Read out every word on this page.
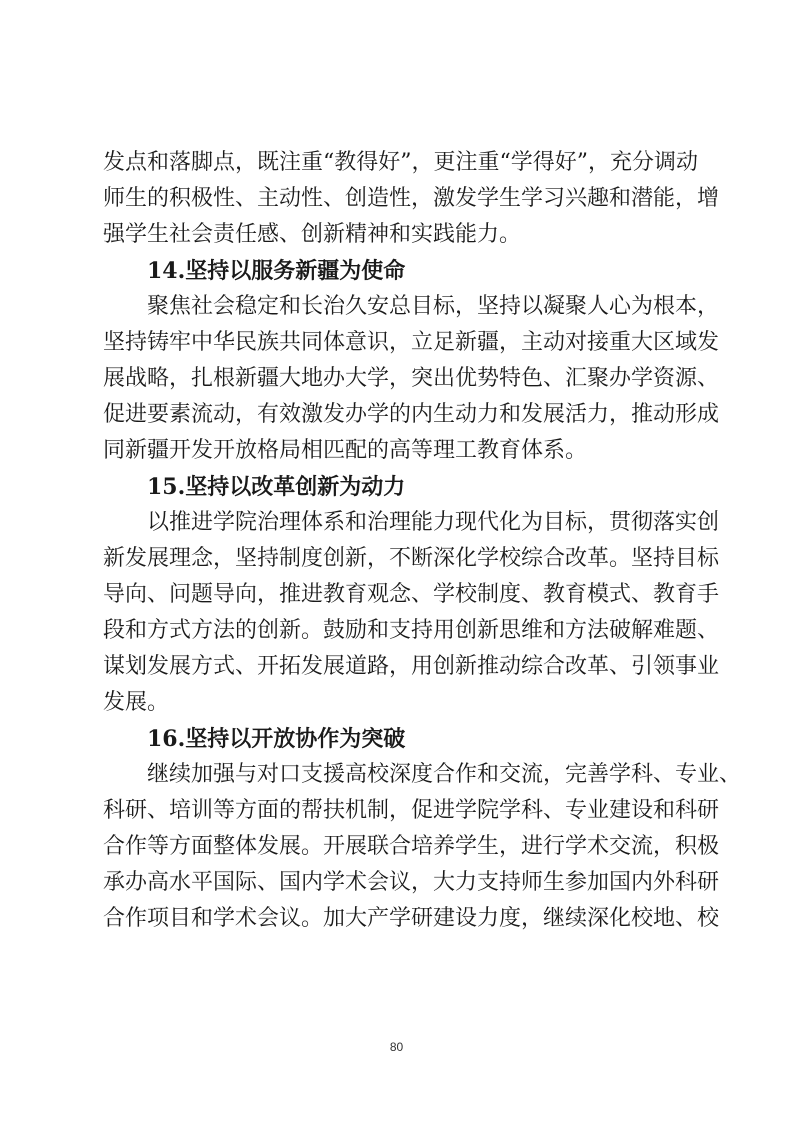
发点和落脚点，既注重“教得好”，更注重“学得好”，充分调动
师生的积极性、主动性、创造性，激发学生学习兴趣和潜能，增
强学生社会责任感、创新精神和实践能力。
14.坚持以服务新疆为使命
聚焦社会稳定和长治久安总目标，坚持以凝聚人心为根本，
坚持铸牢中华民族共同体意识，立足新疆，主动对接重大区域发
展战略，扎根新疆大地办大学，突出优势特色、汇聚办学资源、
促进要素流动，有效激发办学的内生动力和发展活力，推动形成
同新疆开发开放格局相匹配的高等理工教育体系。
15.坚持以改革创新为动力
以推进学院治理体系和治理能力现代化为目标，贯彻落实创
新发展理念，坚持制度创新，不断深化学校综合改革。坚持目标
导向、问题导向，推进教育观念、学校制度、教育模式、教育手
段和方式方法的创新。鼓励和支持用创新思维和方法破解难题、
谋划发展方式、开拓发展道路，用创新推动综合改革、引领事业
发展。
16.坚持以开放协作为突破
继续加强与对口支援高校深度合作和交流，完善学科、专业、
科研、培训等方面的帮扶机制，促进学院学科、专业建设和科研
合作等方面整体发展。开展联合培养学生，进行学术交流，积极
承办高水平国际、国内学术会议，大力支持师生参加国内外科研
合作项目和学术会议。加大产学研建设力度，继续深化校地、校
80
